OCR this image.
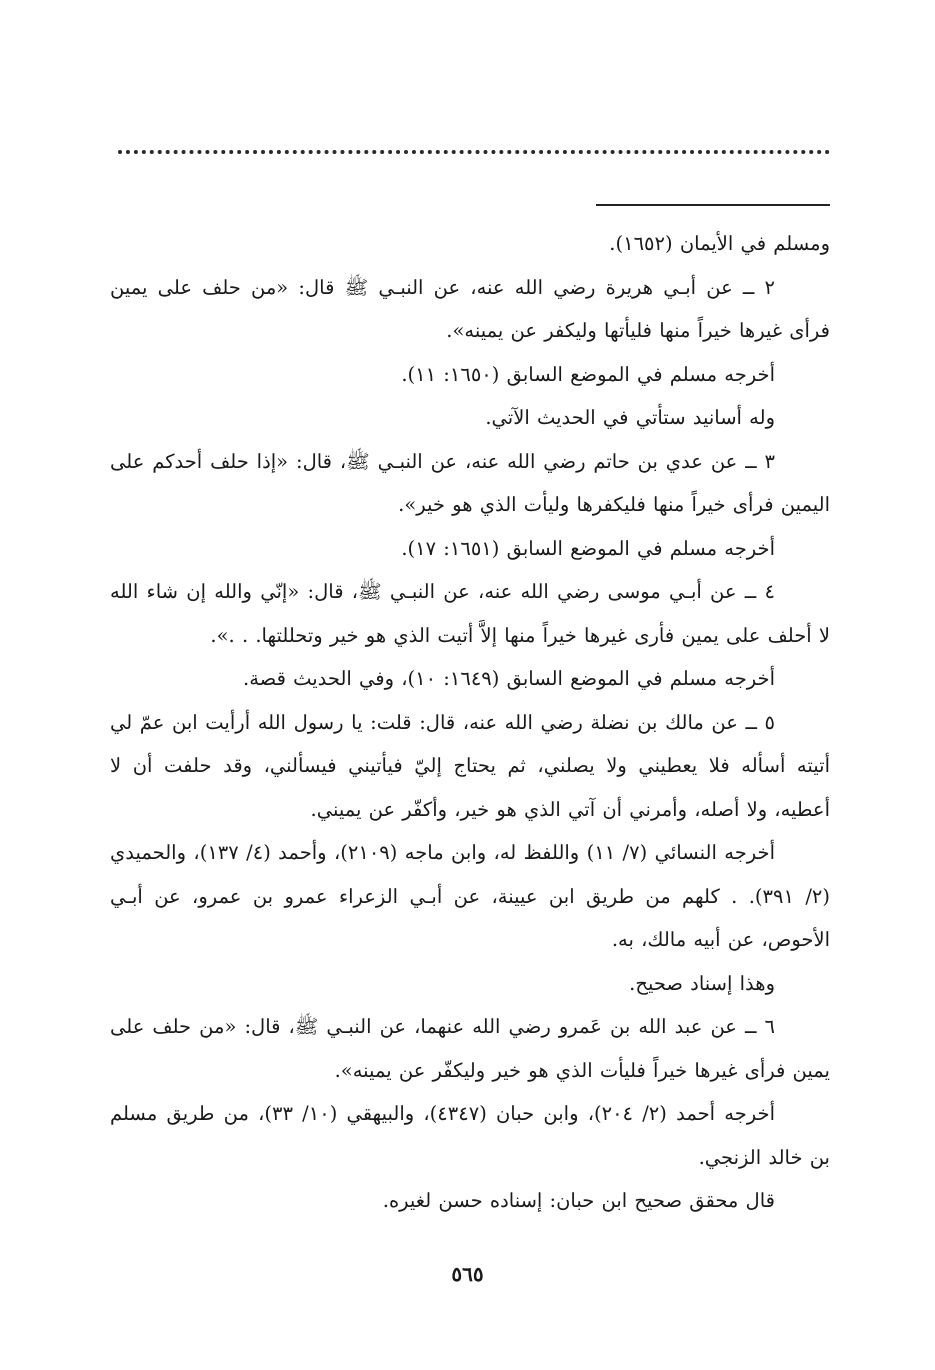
ومسلم في الأيمان (١٦٥٢).

٢ ــ عن أبـي هريرة رضي الله عنه، عن النبـي ﷺ قال: «من حلف على يمين فرأى غيرها خيراً منها فليأتها وليكفر عن يمينه».

أخرجه مسلم في الموضع السابق (١٦٥٠: ١١).

وله أسانيد ستأتي في الحديث الآتي.

٣ ــ عن عدي بن حاتم رضي الله عنه، عن النبـي ﷺ، قال: «إذا حلف أحدكم على اليمين فرأى خيراً منها فليكفرها وليأت الذي هو خير».

أخرجه مسلم في الموضع السابق (١٦٥١: ١٧).

٤ ــ عن أبـي موسى رضي الله عنه، عن النبـي ﷺ، قال: «إنّي والله إن شاء الله لا أحلف على يمين فأرى غيرها خيراً منها إلاَّ أتيت الذي هو خير وتحللتها. . .».

أخرجه مسلم في الموضع السابق (١٦٤٩: ١٠)، وفي الحديث قصة.

٥ ــ عن مالك بن نضلة رضي الله عنه، قال: قلت: يا رسول الله أرأيت ابن عمّ لي أتيته أسأله فلا يعطيني ولا يصلني، ثم يحتاج إليّ فيأتيني فيسألني، وقد حلفت أن لا أعطيه، ولا أصله، وأمرني أن آتي الذي هو خير، وأكفّر عن يميني.

أخرجه النسائي (٧/ ١١) واللفظ له، وابن ماجه (٢١٠٩)، وأحمد (٤/ ١٣٧)، والحميدي (٢/ ٣٩١). . كلهم من طريق ابن عيينة، عن أبـي الزعراء عمرو بن عمرو، عن أبـي الأحوص، عن أبيه مالك، به.

وهذا إسناد صحيح.

٦ ــ عن عبد الله بن عَمرو رضي الله عنهما، عن النبـي ﷺ، قال: «من حلف على يمين فرأى غيرها خيراً فليأت الذي هو خير وليكفّر عن يمينه».

أخرجه أحمد (٢/ ٢٠٤)، وابن حبان (٤٣٤٧)، والبيهقي (١٠/ ٣٣)، من طريق مسلم بن خالد الزنجي.

قال محقق صحيح ابن حبان: إسناده حسن لغيره.

٥٦٥
